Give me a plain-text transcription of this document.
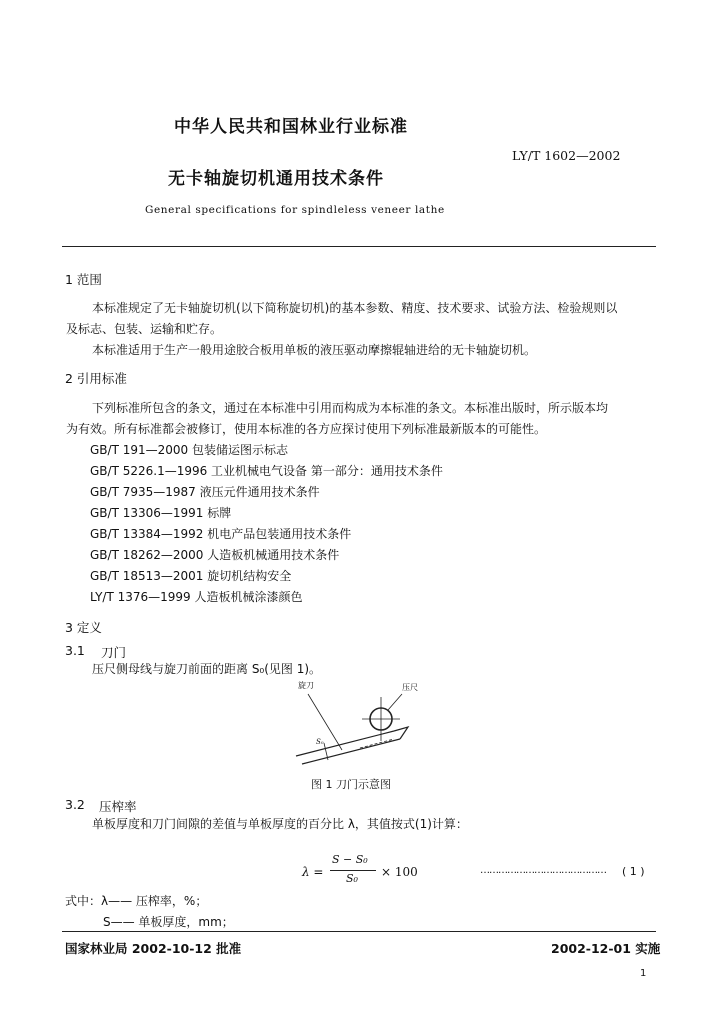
中华人民共和国林业行业标准
LY/T 1602—2002
无卡轴旋切机通用技术条件
General specifications for spindleless veneer lathe
1 范围
本标准规定了无卡轴旋切机(以下简称旋切机)的基本参数、精度、技术要求、试验方法、检验规则以
及标志、包装、运输和贮存。
本标准适用于生产一般用途胶合板用单板的液压驱动摩擦辊轴进给的无卡轴旋切机。
2 引用标准
下列标准所包含的条文，通过在本标准中引用而构成为本标准的条文。本标准出版时，所示版本均
为有效。所有标准都会被修订，使用本标准的各方应探讨使用下列标准最新版本的可能性。
GB/T 191—2000 包装储运图示标志
GB/T 5226.1—1996 工业机械电气设备 第一部分：通用技术条件
GB/T 7935—1987 液压元件通用技术条件
GB/T 13306—1991 标牌
GB/T 13384—1992 机电产品包装通用技术条件
GB/T 18262—2000 人造板机械通用技术条件
GB/T 18513—2001 旋切机结构安全
LY/T 1376—1999 人造板机械涂漆颜色
3 定义
3.1 刀门
压尺侧母线与旋刀前面的距离 S₀(见图 1)。
旋刀	压尺
S₀
图 1 刀门示意图
3.2 压榨率
单板厚度和刀门间隙的差值与单板厚度的百分比 λ，其值按式(1)计算：
λ =
S − S₀
S₀ × 100	…………………………………… ( 1 )
式中：λ—— 压榨率，%；
S—— 单板厚度，mm；
国家林业局 2002-10-12 批准	2002-12-01 实施
1
